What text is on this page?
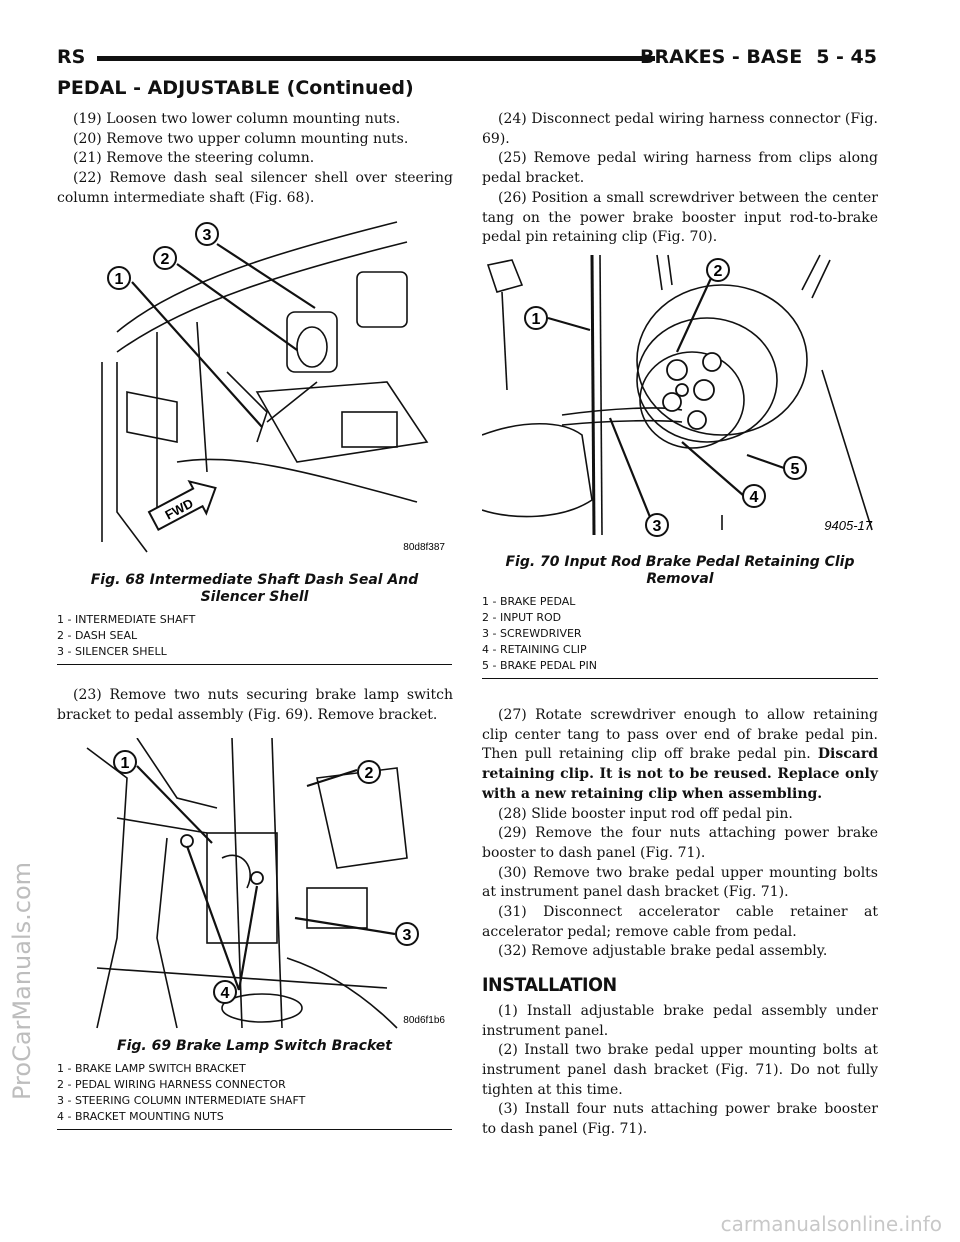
RS	BRAKES - BASE 5 - 45
PEDAL - ADJUSTABLE (Continued)

(19) Loosen two lower column mounting nuts.

(20) Remove two upper column mounting nuts.

(21) Remove the steering column.

(22) Remove dash seal silencer shell over steering column intermediate shaft (Fig. 68).

1
2
3
FWD
80d8f387
Fig. 68 Intermediate Shaft Dash Seal And Silencer Shell
1 - INTERMEDIATE SHAFT
2 - DASH SEAL
3 - SILENCER SHELL

(23) Remove two nuts securing brake lamp switch bracket to pedal assembly (Fig. 69). Remove bracket.

1
2
3
4
80d6f1b6
Fig. 69 Brake Lamp Switch Bracket
1 - BRAKE LAMP SWITCH BRACKET
2 - PEDAL WIRING HARNESS CONNECTOR
3 - STEERING COLUMN INTERMEDIATE SHAFT
4 - BRACKET MOUNTING NUTS

(24) Disconnect pedal wiring harness connector (Fig. 69).

(25) Remove pedal wiring harness from clips along pedal bracket.

(26) Position a small screwdriver between the center tang on the power brake booster input rod-to-brake pedal pin retaining clip (Fig. 70).

1
2
3
4
5
9405-17
Fig. 70 Input Rod Brake Pedal Retaining Clip Removal
1 - BRAKE PEDAL
2 - INPUT ROD
3 - SCREWDRIVER
4 - RETAINING CLIP
5 - BRAKE PEDAL PIN

(27) Rotate screwdriver enough to allow retaining clip center tang to pass over end of brake pedal pin. Then pull retaining clip off brake pedal pin. Discard retaining clip. It is not to be reused. Replace only with a new retaining clip when assembling.

(28) Slide booster input rod off pedal pin.

(29) Remove the four nuts attaching power brake booster to dash panel (Fig. 71).

(30) Remove two brake pedal upper mounting bolts at instrument panel dash bracket (Fig. 71).

(31) Disconnect accelerator cable retainer at accelerator pedal; remove cable from pedal.

(32) Remove adjustable brake pedal assembly.

INSTALLATION

(1) Install adjustable brake pedal assembly under instrument panel.

(2) Install two brake pedal upper mounting bolts at instrument panel dash bracket (Fig. 71). Do not fully tighten at this time.

(3) Install four nuts attaching power brake booster to dash panel (Fig. 71).

ProCarManuals.com
carmanualsonline.info
